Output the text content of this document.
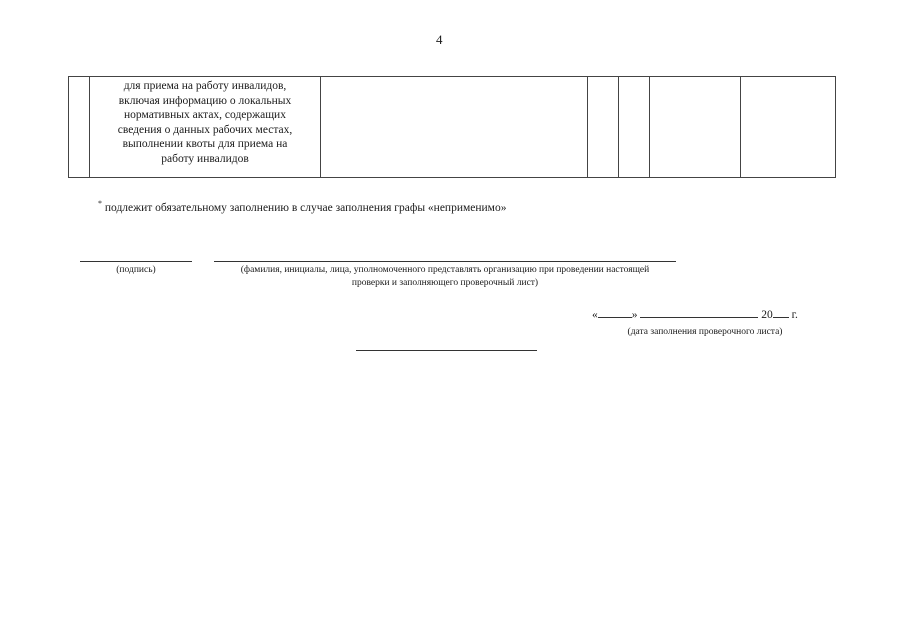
4

для приема на работу инвалидов,
включая информацию о локальных
нормативных актах, содержащих
сведения о данных рабочих местах,
выполнении квоты для приема на
работу инвалидов

* подлежит обязательному заполнению в случае заполнения графы «неприменимо»
(подпись)	(фамилия, инициалы, лица, уполномоченного представлять организацию при проведении настоящей
проверки и заполняющего проверочный лист)
«	»	20 г.
(дата заполнения проверочного листа)
